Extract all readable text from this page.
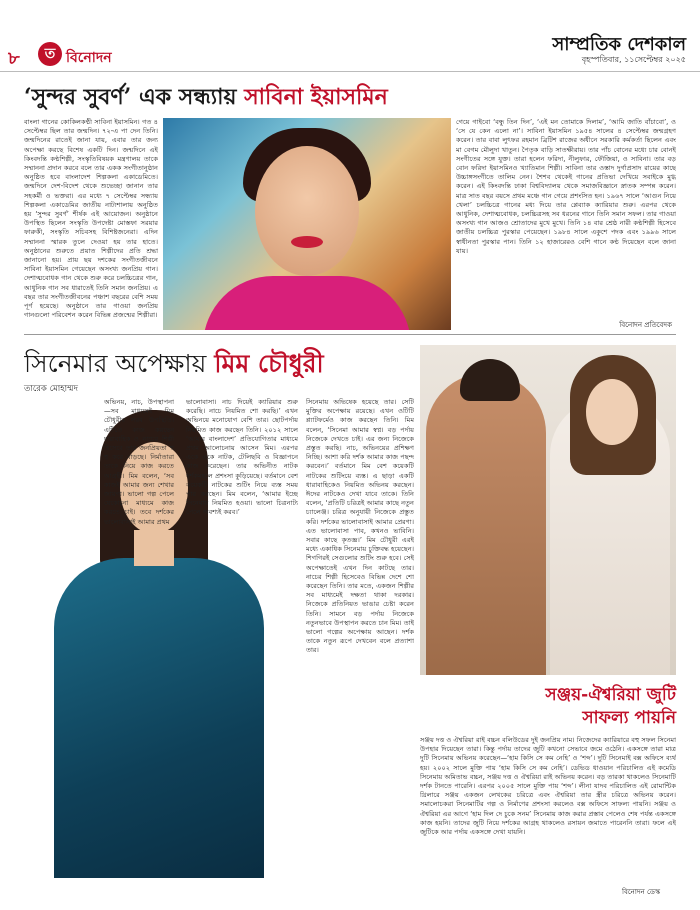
৮	ত বিনোদন
সাম্প্রতিক দেশকাল
বৃহস্পতিবার, ১১সেপ্টেম্বর ২০২৫
‘সুন্দর সুবর্ণ’ এক সন্ধ্যায় সাবিনা ইয়াসমিন
বাংলা গানের কোকিলকণ্ঠী সাবিনা ইয়াসমিন। গত ৪ সেপ্টেম্বর ছিল তার জন্মদিন। ৭২-এ পা দেন তিনি। জন্মদিনের রাতেই জানা যায়, এবার তার জন্য অপেক্ষা করছে বিশেষ একটি দিন। জন্মদিনে এই কিংবদন্তি কণ্ঠশিল্পী, সংস্কৃতিবিষয়ক মন্ত্রণালয় তাকে সম্মাননা প্রদান করবে বলে তার একক সংগীতানুষ্ঠান অনুষ্ঠিত হবে বাংলাদেশ শিল্পকলা একাডেমিতে। জন্মদিনে দেশ-বিদেশ থেকে শুভেচ্ছা জানান তার সহকর্মী ও ভক্তরা। এর মধ্যে ৭ সেপ্টেম্বর সন্ধ্যায় শিল্পকলা একাডেমির জাতীয় নাট্যশালায় অনুষ্ঠিত হয় ‘সুন্দর সুবর্ণ’ শীর্ষক এই আয়োজন। অনুষ্ঠানে উপস্থিত ছিলেন সংস্কৃতি উপদেষ্টা মোস্তফা সরয়ার ফারুকী, সংস্কৃতি সচিবসহ বিশিষ্টজনেরা। এদিন সম্মাননা স্মারক তুলে দেওয়া হয় তার হাতে। অনুষ্ঠানের শুরুতে প্রয়াত শিল্পীদের প্রতি শ্রদ্ধা জানানো হয়। প্রায় ছয় দশকের সংগীতজীবনে সাবিনা ইয়াসমিন গেয়েছেন অসংখ্য জনপ্রিয় গান। দেশাত্মবোধক গান থেকে শুরু করে চলচ্চিত্রের গান, আধুনিক গান সব ধারাতেই তিনি সমান জনপ্রিয়। এ বছর তার সংগীতজীবনের পঞ্চাশ বছরের বেশি সময় পূর্ণ হয়েছে। অনুষ্ঠানে তার গাওয়া জনপ্রিয় গানগুলো পরিবেশন করেন বিভিন্ন প্রজন্মের শিল্পীরা।
গেয়ে গাইবো ‘বন্ধু তিন দিন’, ‘এই মন তোমাকে দিলাম’, ‘আমি জাতি বাঁচাবো’, ও ‘সে যে কেন এলো না’। সাবিনা ইয়াসমিন ১৯৫৪ সালের ৪ সেপ্টেম্বর জন্মগ্রহণ করেন। তার বাবা লুৎফর রহমান ব্রিটিশ রাজের অধীনে সরকারি কর্মকর্তা ছিলেন এবং মা বেগম মৌলুদা খাতুন। পৈতৃক বাড়ি সাতক্ষীরায়। তার পাঁচ বোনের মধ্যে চার বোনই সংগীতের সঙ্গে যুক্ত। তারা হলেন ফরিদা, নীলুফার, ফৌজিয়া, ও সাবিনা। তার বড় বোন ফরিদা ইয়াসমিনও খ্যাতিমান শিল্পী। সাবিনা তার ওস্তাদ দুর্গাপ্রসাদ রায়ের কাছে উচ্চাঙ্গসংগীতে তালিম নেন। শৈশব থেকেই গানের প্রতিভা দেখিয়ে সবাইকে মুগ্ধ করেন। এই কিংবদন্তি ঢাকা বিশ্ববিদ্যালয় থেকে সমাজবিজ্ঞানে স্নাতক সম্পন্ন করেন। মাত্র সাত বছর বয়সে প্রথম মঞ্চে গান গেয়ে প্রশংসিত হন। ১৯৬৭ সালে ‘আগুন নিয়ে খেলা’ চলচ্চিত্রে গানের মধ্য দিয়ে তার প্লেব্যাক ক্যারিয়ার শুরু। এরপর থেকে আধুনিক, দেশাত্মবোধক, চলচ্চিত্রসহ সব ধরনের গানে তিনি সমান সফল। তার গাওয়া অসংখ্য গান আজও শ্রোতাদের মুখে মুখে। তিনি ১৪ বার শ্রেষ্ঠ নারী কণ্ঠশিল্পী হিসেবে জাতীয় চলচ্চিত্র পুরস্কার পেয়েছেন। ১৯৮৪ সালে একুশে পদক এবং ১৯৯৬ সালে স্বাধীনতা পুরস্কার পান। তিনি ১২ হাজারেরও বেশি গানে কণ্ঠ দিয়েছেন বলে জানা যায়।
বিনোদন প্রতিবেদক
সিনেমার অপেক্ষায় মিম চৌধুরী
তারেক মোহাম্মদ
অভিনয়, নাচ, উপস্থাপনা—সব মাধ্যমেই মিম চৌধুরীর সরব উপস্থিতি। এটিতে কাজ করছেন দারাবাহিক ও নাচের শিল্পী হিসেবে তার জনপ্রিয়তা হু হু করে বাড়ছে। নির্মাতারা তাকে নিয়ে কাজ করতে আগ্রহী। মিম বলেন, ‘সব কাজই আমার জন্য শেখার জায়গা। ভালো গল্প পেলে যেকোনো মাধ্যমে কাজ করতে চাই। তবে দর্শকের ভালোবাসাই আমার প্রথম
ভালোবাসা। নাচ দিয়েই ক্যারিয়ার শুরু করেছি। নাচে নিয়মিত শো করছি।’ এখন অভিনয়ে মনোযোগ বেশি তার। ছোটপর্দায় নিয়মিত কাজ করছেন তিনি। ২০১২ সালে ‘আমার বাংলাদেশ’ প্রতিযোগিতার মাধ্যমে প্রথম আলোচনায় আসেন মিম। এরপর একে একে নাটক, টেলিছবি ও বিজ্ঞাপনে কাজ করেছেন। তার অভিনীত নাটক দর্শকমহলে প্রশংসা কুড়িয়েছে। বর্তমানে বেশ কয়েকটি নাটকের শুটিং নিয়ে ব্যস্ত সময় পার করছেন। মিম বলেন, ‘আমার ইচ্ছে সিনেমায় নিয়মিত হওয়া। ভালো চিত্রনাট্য পেলে অবশ্যই করব।’
সিনেমায় অভিষেক হয়েছে তার। সেটি মুক্তির অপেক্ষায় রয়েছে। এখন ওটিটি প্ল্যাটফর্মেও কাজ করছেন তিনি। মিম বলেন, ‘সিনেমা আমার স্বপ্ন। বড় পর্দায় নিজেকে দেখতে চাই। এর জন্য নিজেকে প্রস্তুত করছি। নাচ, অভিনয়ের প্রশিক্ষণ নিচ্ছি। আশা করি দর্শক আমার কাজ পছন্দ করবেন।’ বর্তমানে মিম বেশ কয়েকটি নাটকের শুটিংয়ে ব্যস্ত। এ ছাড়া একটি ধারাবাহিকেও নিয়মিত অভিনয় করছেন। ঈদের নাটকেও দেখা যাবে তাকে। তিনি বলেন, ‘প্রতিটি চরিত্রই আমার কাছে নতুন চ্যালেঞ্জ। চরিত্র অনুযায়ী নিজেকে প্রস্তুত করি। দর্শকের ভালোবাসাই আমার প্রেরণা। এত ভালোবাসা পাব, কখনও ভাবিনি। সবার কাছে কৃতজ্ঞ।’ মিম চৌধুরী এরই মধ্যে একাধিক সিনেমায় চুক্তিবদ্ধ হয়েছেন। শিগগিরই সেগুলোর শুটিং শুরু হবে। সেই অপেক্ষাতেই এখন দিন কাটছে তার। নাচের শিল্পী হিসেবেও বিভিন্ন দেশে শো করেছেন তিনি। তার মতে, একজন শিল্পীর সব মাধ্যমেই দক্ষতা থাকা দরকার। নিজেকে প্রতিনিয়ত ভাঙার চেষ্টা করেন তিনি। সামনে বড় পর্দায় নিজেকে নতুনভাবে উপস্থাপন করতে চান মিম। তাই ভালো গল্পের অপেক্ষায় আছেন। দর্শক তাকে নতুন রূপে দেখবেন বলে প্রত্যাশা তার।
সঞ্জয়-ঐশ্বরিয়া জুটি
সাফল্য পায়নি
সঞ্জয় দত্ত ও ঐশ্বরিয়া রাই বচ্চন বলিউডের দুই জনপ্রিয় নাম। নিজেদের ক্যারিয়ারে বহু সফল সিনেমা উপহার দিয়েছেন তারা। কিন্তু পর্দায় তাদের জুটি কখনো সেভাবে জমে ওঠেনি। একসঙ্গে তারা মাত্র দুটি সিনেমায় অভিনয় করেছেন—‘হাম কিসি সে কম নেহি’ ও ‘শব্দ’। দুটি সিনেমাই বক্স অফিসে ব্যর্থ হয়। ২০০২ সালে মুক্তি পায় ‘হাম কিসি সে কম নেহি’। ডেভিড ধাওয়ান পরিচালিত এই কমেডি সিনেমায় অমিতাভ বচ্চন, সঞ্জয় দত্ত ও ঐশ্বরিয়া রাই অভিনয় করেন। বড় তারকা থাকলেও সিনেমাটি দর্শক টানতে পারেনি। এরপর ২০০৫ সালে মুক্তি পায় ‘শব্দ’। লীনা যাদব পরিচালিত এই রোমান্টিক থ্রিলারে সঞ্জয় একজন লেখকের চরিত্রে এবং ঐশ্বরিয়া তার স্ত্রীর চরিত্রে অভিনয় করেন। সমালোচকরা সিনেমাটির গল্প ও নির্মাণের প্রশংসা করলেও বক্স অফিসে সাফল্য পায়নি। সঞ্জয় ও ঐশ্বরিয়া এর আগে ‘হাম দিল দে চুকে সনম’ সিনেমায় কাজ করার প্রস্তাব পেলেও শেষ পর্যন্ত একসঙ্গে কাজ হয়নি। তাদের জুটি নিয়ে দর্শকের আগ্রহ থাকলেও রসায়ন জমাতে পারেননি তারা। ফলে এই জুটিকে আর পর্দায় একসঙ্গে দেখা যায়নি।
বিনোদন ডেস্ক
